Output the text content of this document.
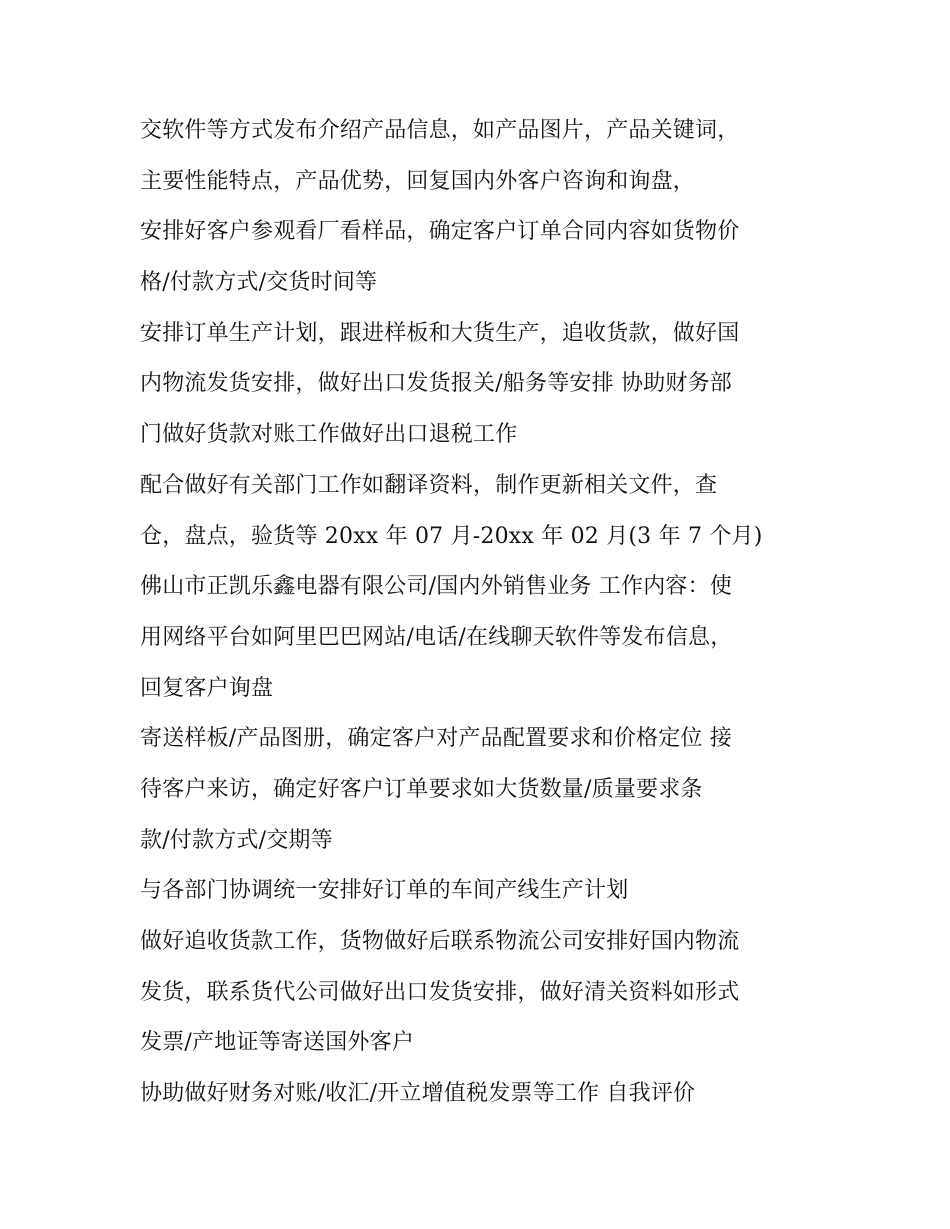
交软件等方式发布介绍产品信息，如产品图片，产品关键词，
主要性能特点，产品优势，回复国内外客户咨询和询盘，
安排好客户参观看厂看样品，确定客户订单合同内容如货物价
格/付款方式/交货时间等
安排订单生产计划，跟进样板和大货生产，追收货款，做好国
内物流发货安排，做好出口发货报关/船务等安排 协助财务部
门做好货款对账工作做好出口退税工作
配合做好有关部门工作如翻译资料，制作更新相关文件，查
仓，盘点，验货等 20xx 年 07 月-20xx 年 02 月(3 年 7 个月)
佛山市正凯乐鑫电器有限公司/国内外销售业务 工作内容：使
用网络平台如阿里巴巴网站/电话/在线聊天软件等发布信息，
回复客户询盘
寄送样板/产品图册，确定客户对产品配置要求和价格定位 接
待客户来访，确定好客户订单要求如大货数量/质量要求条
款/付款方式/交期等
与各部门协调统一安排好订单的车间产线生产计划
做好追收货款工作，货物做好后联系物流公司安排好国内物流
发货，联系货代公司做好出口发货安排，做好清关资料如形式
发票/产地证等寄送国外客户
协助做好财务对账/收汇/开立增值税发票等工作 自我评价
